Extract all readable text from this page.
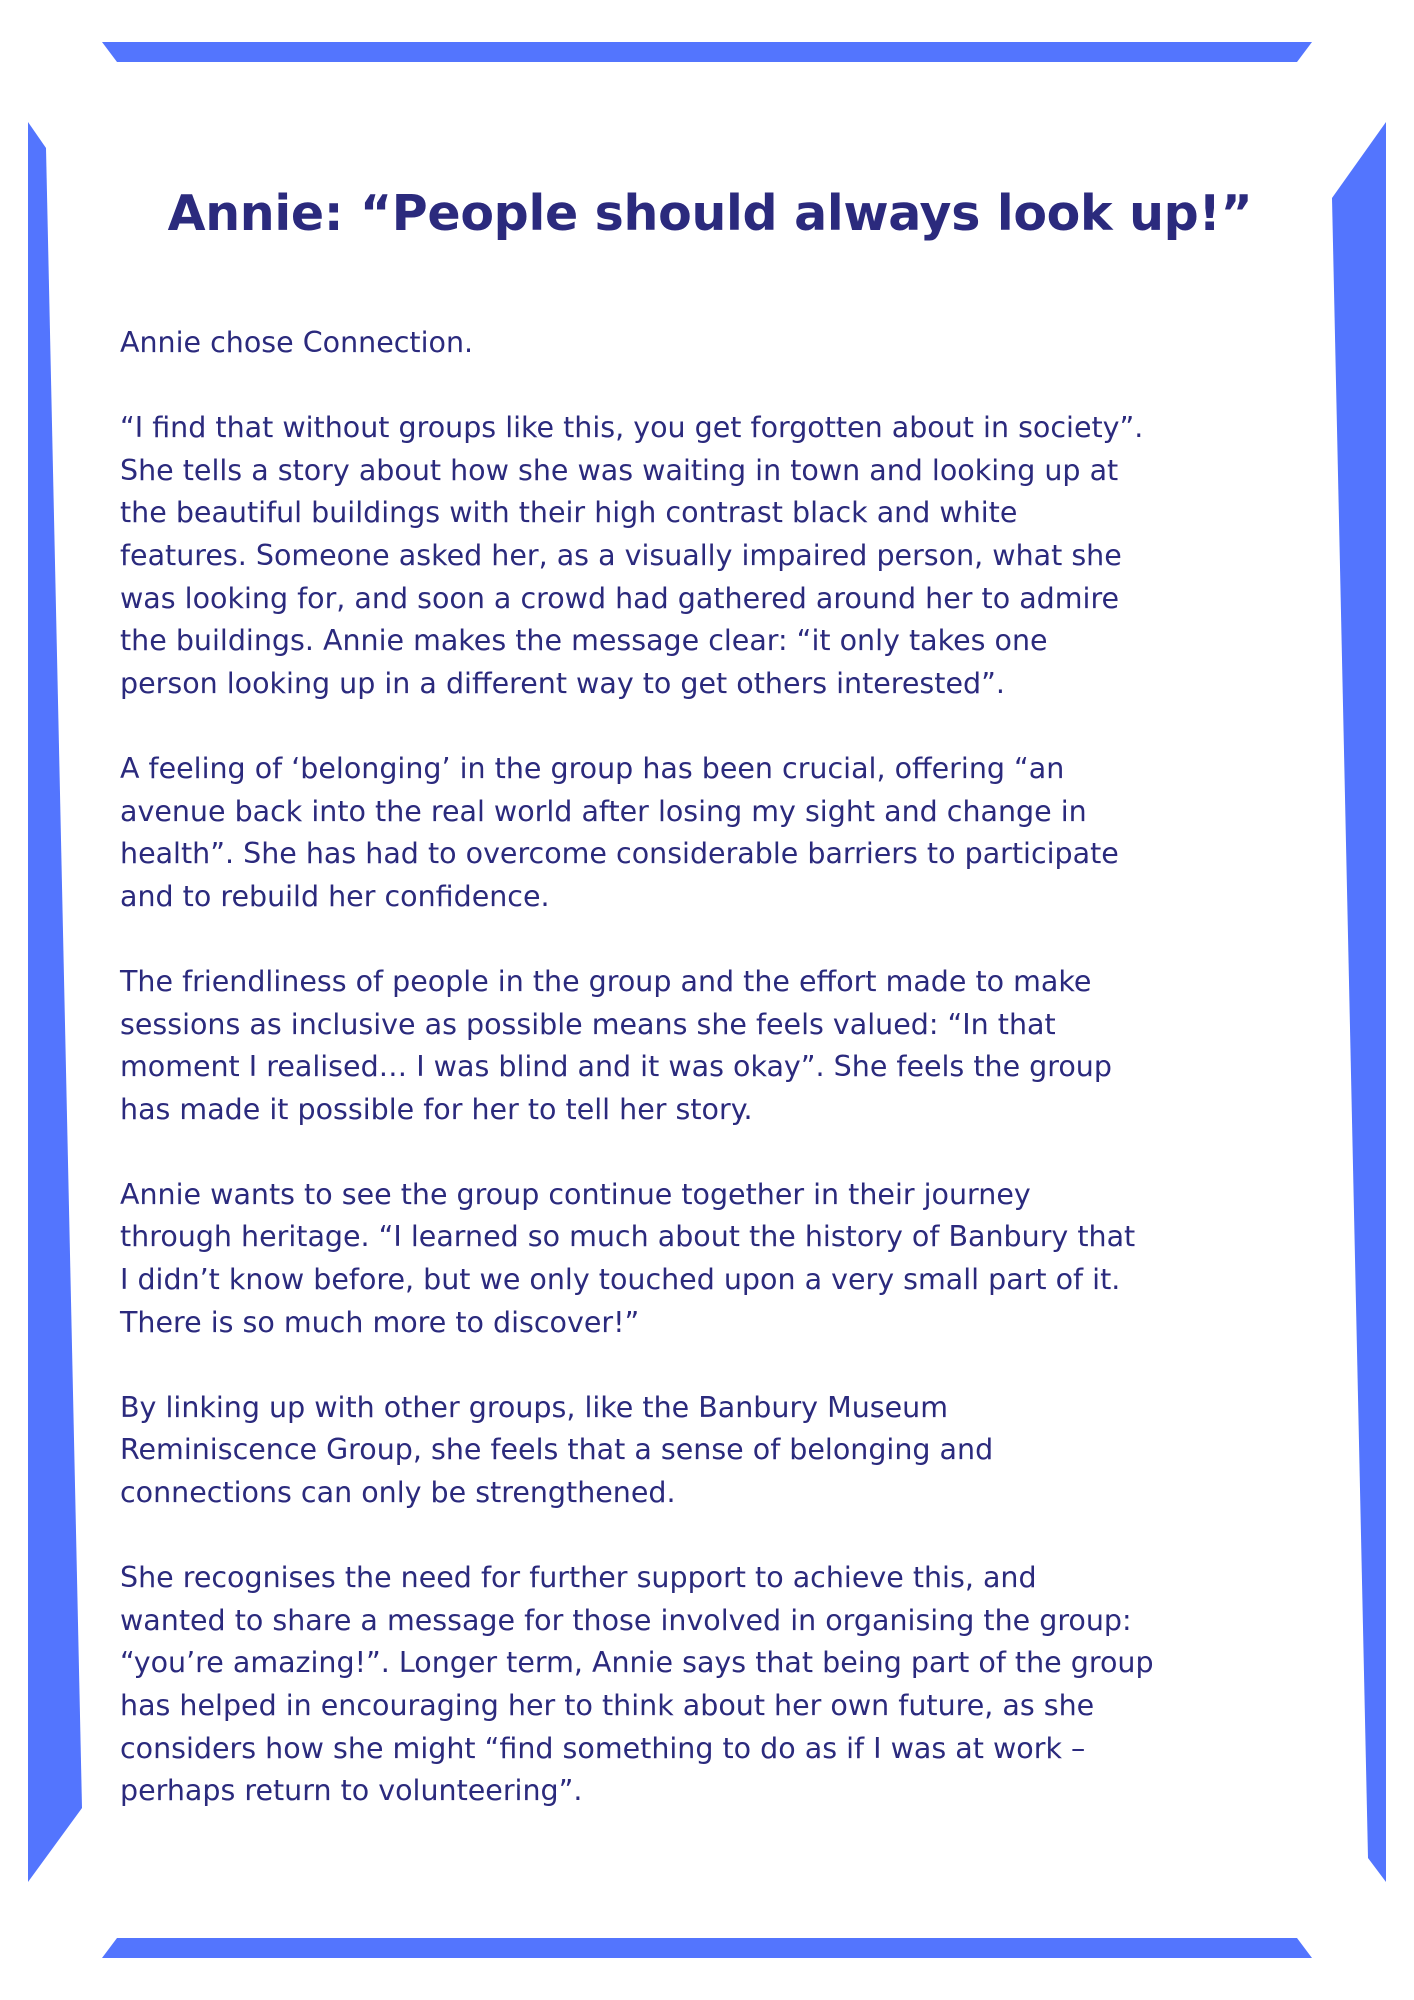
Annie: “People should always look up!”

Annie chose Connection.

“I find that without groups like this, you get forgotten about in society”.
She tells a story about how she was waiting in town and looking up at
the beautiful buildings with their high contrast black and white
features. Someone asked her, as a visually impaired person, what she
was looking for, and soon a crowd had gathered around her to admire
the buildings. Annie makes the message clear: “it only takes one
person looking up in a different way to get others interested”.

A feeling of ‘belonging’ in the group has been crucial, offering “an
avenue back into the real world after losing my sight and change in
health”. She has had to overcome considerable barriers to participate
and to rebuild her confidence.

The friendliness of people in the group and the effort made to make
sessions as inclusive as possible means she feels valued: “In that
moment I realised… I was blind and it was okay”. She feels the group
has made it possible for her to tell her story.

Annie wants to see the group continue together in their journey
through heritage. “I learned so much about the history of Banbury that
I didn’t know before, but we only touched upon a very small part of it.
There is so much more to discover!”

By linking up with other groups, like the Banbury Museum
Reminiscence Group, she feels that a sense of belonging and
connections can only be strengthened.

She recognises the need for further support to achieve this, and
wanted to share a message for those involved in organising the group:
“you’re amazing!”. Longer term, Annie says that being part of the group
has helped in encouraging her to think about her own future, as she
considers how she might “find something to do as if I was at work –
perhaps return to volunteering”.
